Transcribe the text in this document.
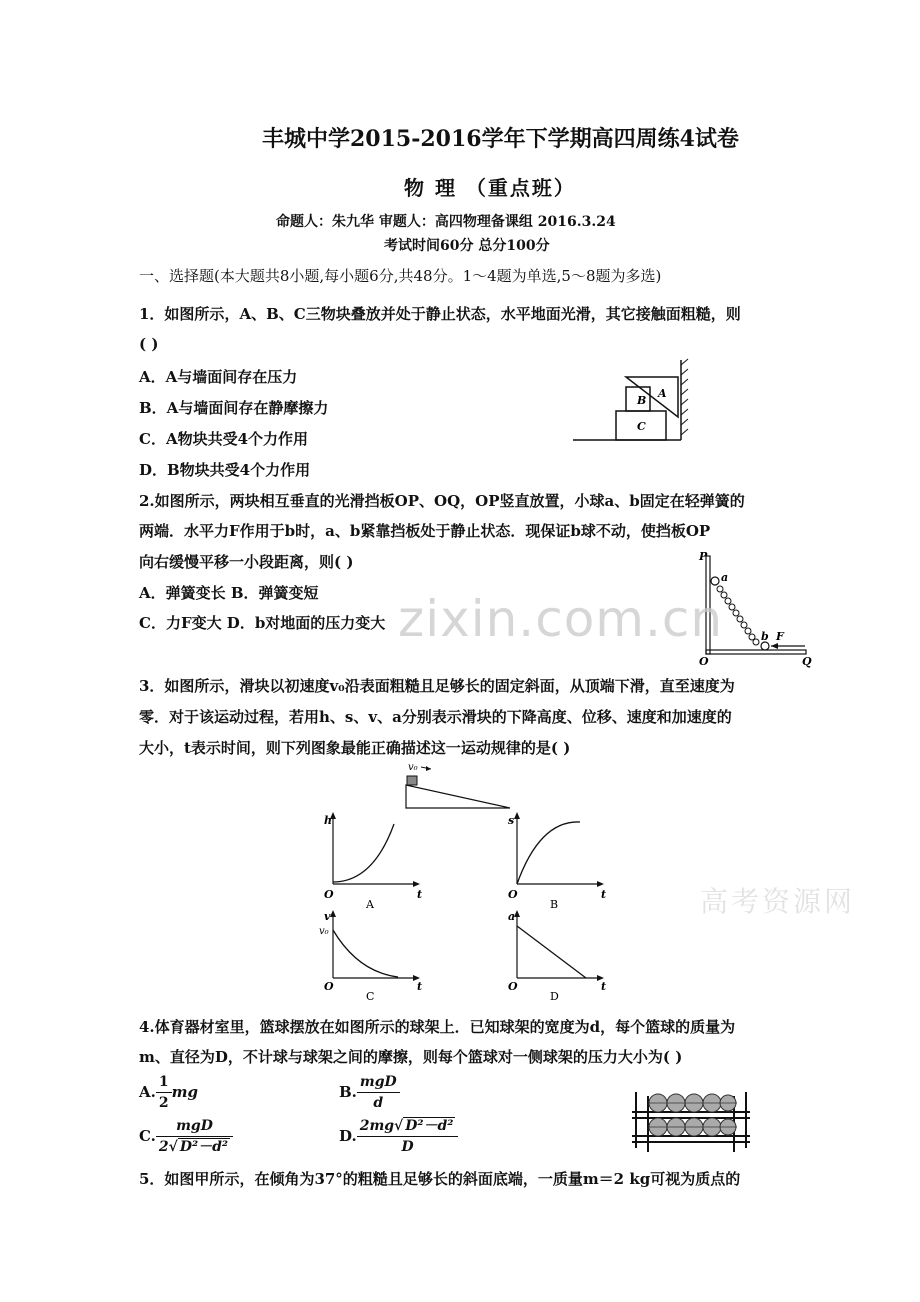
丰城中学2015-2016学年下学期高四周练4试卷
物 理 （重点班）
命题人：朱九华 审题人：高四物理备课组 2016.3.24
考试时间60分 总分100分
一、选择题(本大题共8小题,每小题6分,共48分。1～4题为单选,5～8题为多选)
1．如图所示，A、B、C三物块叠放并处于静止状态，水平地面光滑，其它接触面粗糙，则
( )
A．A与墙面间存在压力
B．A与墙面间存在静摩擦力
C．A物块共受4个力作用
D．B物块共受4个力作用
B
A
C
2.如图所示，两块相互垂直的光滑挡板OP、OQ，OP竖直放置，小球a、b固定在轻弹簧的
两端．水平力F作用于b时，a、b紧靠挡板处于静止状态．现保证b球不动，使挡板OP
向右缓慢平移一小段距离，则( )
A．弹簧变长 B．弹簧变短
C．力F变大 D．b对地面的压力变大
P
a
b F
O	Q
3．如图所示，滑块以初速度v₀沿表面粗糙且足够长的固定斜面，从顶端下滑，直至速度为
零．对于该运动过程，若用h、s、v、a分别表示滑块的下降高度、位移、速度和加速度的
大小，t表示时间，则下列图象最能正确描述这一运动规律的是( )
v₀
h
t
O
A
s
t
O
B
v
v₀
t
O
C
a
t
O
D
4.体育器材室里，篮球摆放在如图所示的球架上．已知球架的宽度为d，每个篮球的质量为
m、直径为D，不计球与球架之间的摩擦，则每个篮球对一侧球架的压力大小为( )
A. $\frac{1}{2}$ mg	B. $\frac{\text{mgD}}{d}$
C. $\frac{\text{mgD}}{\text{2√ D²－d²}}$	D. $\frac{\text{2mg√ D²－d²}}{D}$
5．如图甲所示，在倾角为37°的粗糙且足够长的斜面底端，一质量m＝2 kg可视为质点的
zixin.com.cn
高考资源网
